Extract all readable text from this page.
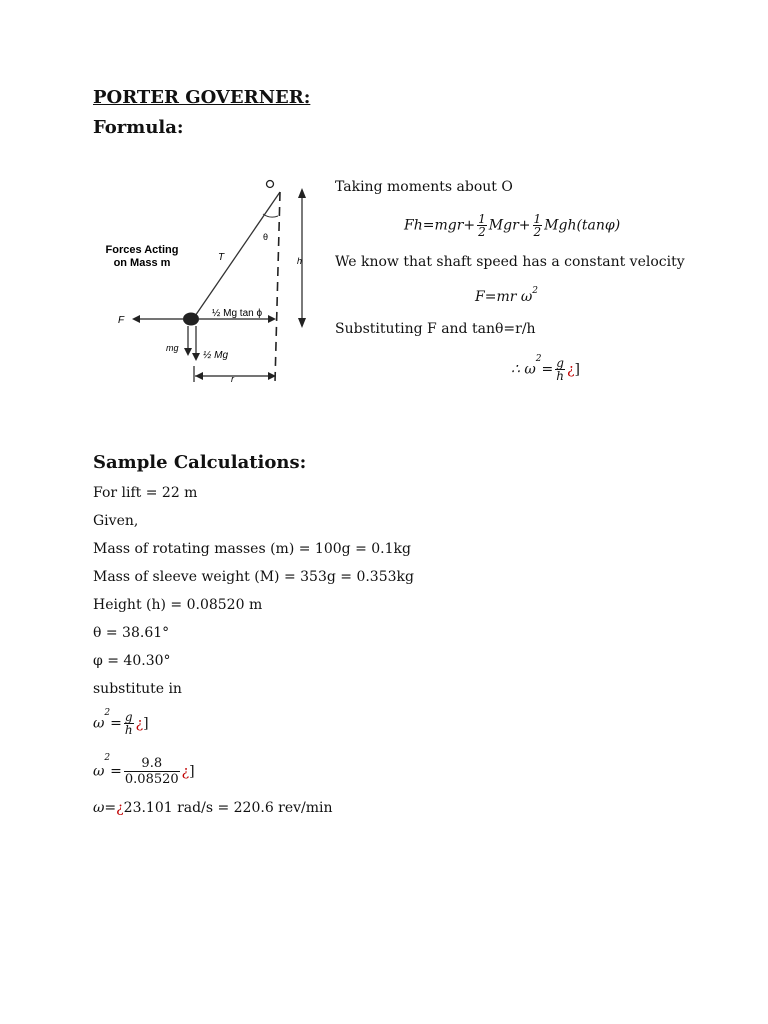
PORTER GOVERNER:
Formula:
Forces Acting
on Mass m	T
θ
h
F
½ Mg tan ϕ
mg
½ Mg
r
Taking moments about O
$Fh=mgr+ \frac{1}{2} Mgr+ \frac{1}{2} Mgh(\tan\varphi)$
We know that shaft speed has a constant velocity
F=mr $\omega^2$
Substituting F and tanθ=r/h
∴ $\omega^2= \frac{g}{h}$ ¿]
Sample Calculations:
For lift = 22 m
Given,
Mass of rotating masses (m) = 100g = 0.1kg
Mass of sleeve weight (M) = 353g = 0.353kg
Height (h) = 0.08520 m
θ = 38.61°
φ = 40.30°
substitute in
$\omega^2= \frac{g}{h}$ ¿]
$\omega^2= \frac{9.8}{0.08520}$ ¿]
ω=¿23.101 rad/s = 220.6 rev/min
